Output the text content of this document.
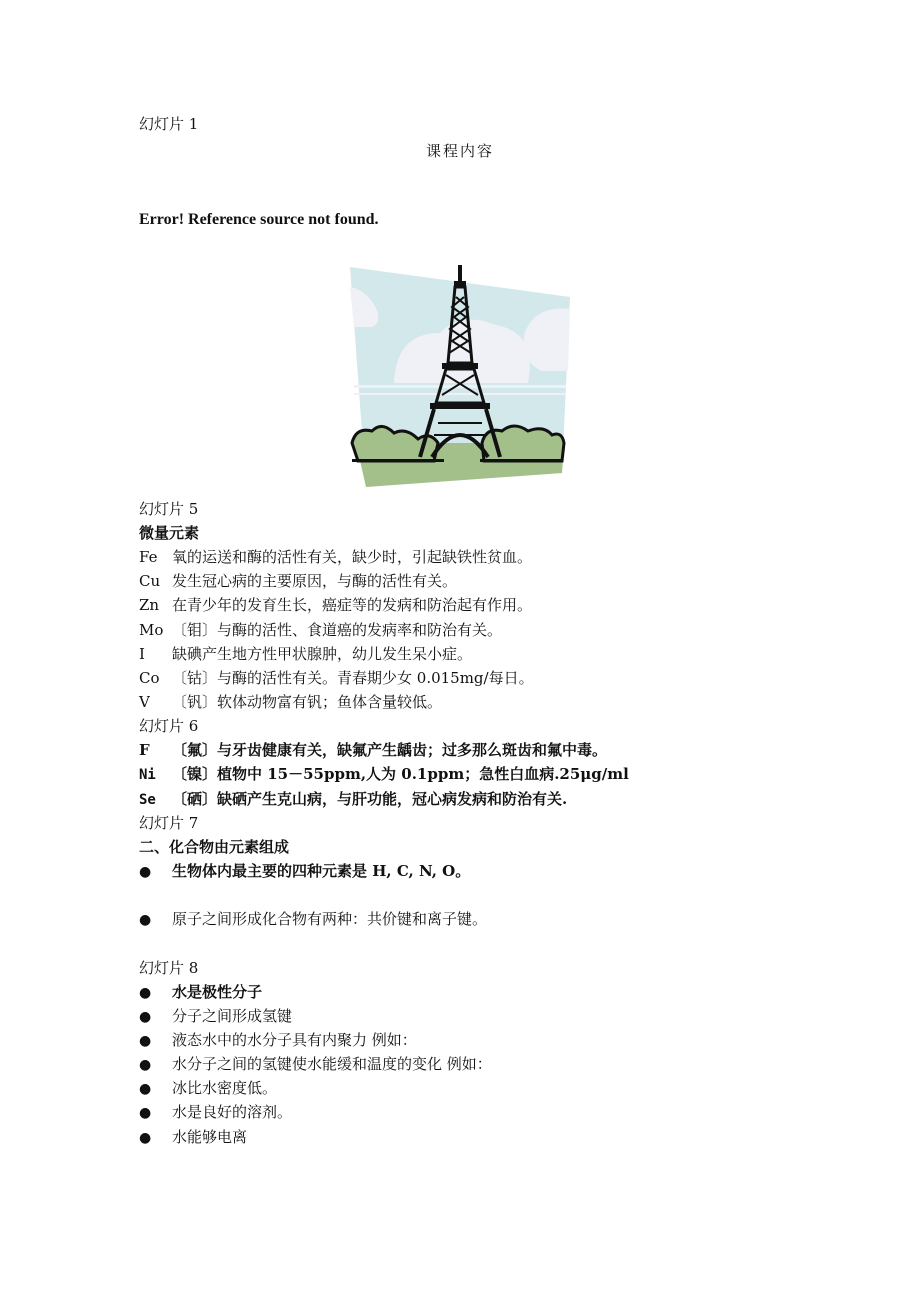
幻灯片 1
课程内容
Error! Reference source not found.
幻灯片 5
微量元素
Fe 氧的运送和酶的活性有关，缺少时，引起缺铁性贫血。
Cu 发生冠心病的主要原因，与酶的活性有关。
Zn 在青少年的发育生长，癌症等的发病和防治起有作用。
Mo 〔钼〕与酶的活性、食道癌的发病率和防治有关。
I 缺碘产生地方性甲状腺肿，幼儿发生呆小症。
Co 〔钴〕与酶的活性有关。青春期少女 0.015mg/每日。
V 〔钒〕软体动物富有钒；鱼体含量较低。
幻灯片 6
F 〔氟〕与牙齿健康有关，缺氟产生龋齿；过多那么斑齿和氟中毒。
Ni 〔镍〕植物中 15－55ppm,人为 0.1ppm；急性白血病.25μg/ml
Se 〔硒〕缺硒产生克山病，与肝功能，冠心病发病和防治有关.
幻灯片 7
二、化合物由元素组成
● 生物体内最主要的四种元素是 H, C, N, O。
● 原子之间形成化合物有两种：共价键和离子键。
幻灯片 8
● 水是极性分子
● 分子之间形成氢键
● 液态水中的水分子具有内聚力 例如：
● 水分子之间的氢键使水能缓和温度的变化 例如：
● 冰比水密度低。
● 水是良好的溶剂。
● 水能够电离
